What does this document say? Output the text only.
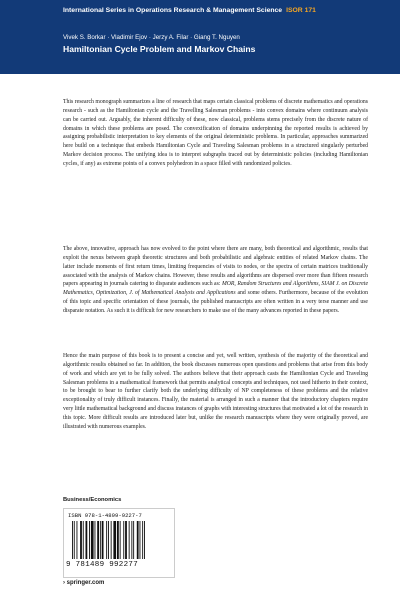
International Series in Operations Research & Management Science ISOR 171
Vivek S. Borkar · Vladimir Ejov · Jerzy A. Filar · Giang T. Nguyen
Hamiltonian Cycle Problem and Markov Chains

This research monograph summarizes a line of research that maps certain classical problems of discrete mathematics and operations research - such as the Hamiltonian cycle and the Travelling Salesman problems - into convex domains where continuum analysis can be carried out. Arguably, the inherent difficulty of these, now classical, problems stems precisely from the discrete nature of domains in which these problems are posed. The convexification of domains underpinning the reported results is achieved by assigning probabilistic interpretation to key elements of the original deterministic problems. In particular, approaches summarized here build on a technique that embeds Hamiltonian Cycle and Traveling Salesman problems in a structured singularly perturbed Markov decision process. The unifying idea is to interpret subgraphs traced out by deterministic policies (including Hamiltonian cycles, if any) as extreme points of a convex polyhedron in a space filled with randomized policies.

The above, innovative, approach has now evolved to the point where there are many, both theoretical and algorithmic, results that exploit the nexus between graph theoretic structures and both probabilistic and algebraic entities of related Markov chains. The latter include moments of first return times, limiting frequencies of visits to nodes, or the spectra of certain matrices traditionally associated with the analysis of Markov chains. However, these results and algorithms are dispersed over more than fifteen research papers appearing in journals catering to disparate audiences such as: MOR, Random Structures and Algorithms, SIAM J. on Discrete Mathematics, Optimization, J. of Mathematical Analysis and Applications and some others. Furthermore, because of the evolution of this topic and specific orientation of these journals, the published manuscripts are often written in a very terse manner and use disparate notation. As such it is difficult for new researchers to make use of the many advances reported in these papers.

Hence the main purpose of this book is to present a concise and yet, well written, synthesis of the majority of the theoretical and algorithmic results obtained so far. In addition, the book discusses numerous open questions and problems that arise from this body of work and which are yet to be fully solved. The authors believe that their approach casts the Hamiltonian Cycle and Traveling Salesman problems in a mathematical framework that permits analytical concepts and techniques, not used hitherto in their context, to be brought to bear to further clarify both the underlying difficulty of NP completeness of these problems and the relative exceptionality of truly difficult instances. Finally, the material is arranged in such a manner that the introductory chapters require very little mathematical background and discuss instances of graphs with interesting structures that motivated a lot of the research in this topic. More difficult results are introduced later but, unlike the research manuscripts where they were originally proved, are illustrated with numerous examples.

Business/Economics
ISBN 978-1-4899-9227-7
9 781489 992277
› springer.com
